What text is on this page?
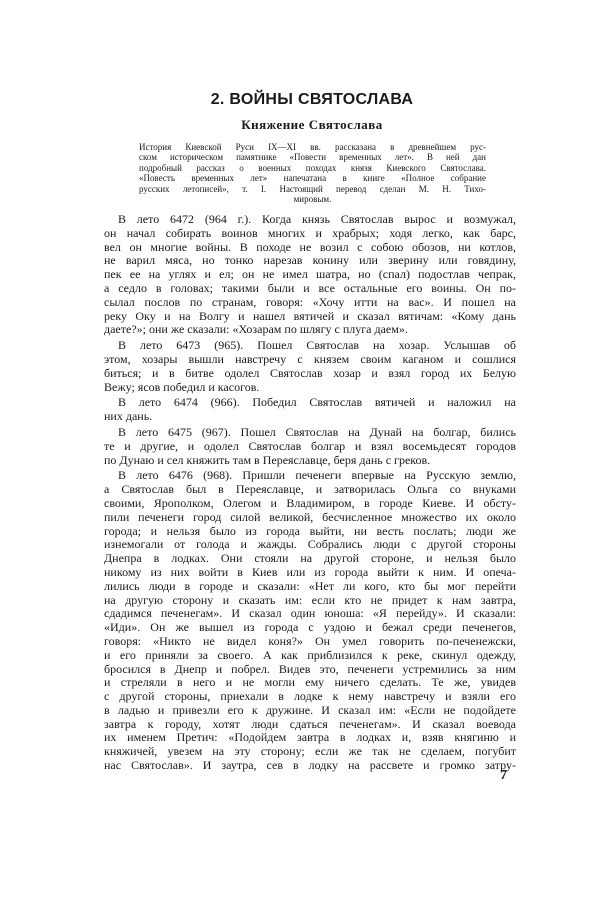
2. ВОЙНЫ СВЯТОСЛАВА
Княжение Святослава
История Киевской Руси IX—XI вв. рассказана в древнейшем рус-
ском историческом памятнике «Повести временных лет». В ней дан
подробный рассказ о военных походах князя Киевского Святослава.
«Повесть временных лет» напечатана в книге «Полное собрание
русских летописей», т. I. Настоящий перевод сделан М. Н. Тихо-
мировым.
В лето 6472 (964 г.). Когда князь Святослав вырос и возмужал,
он начал собирать воинов многих и храбрых; ходя легко, как барс,
вел он многие войны. В походе не возил с собою обозов, ни котлов,
не варил мяса, но тонко нарезав конину или зверину или говядину,
пек ее на углях и ел; он не имел шатра, но (спал) подостлав чепрак,
а седло в головах; такими были и все остальные его воины. Он по-
сылал послов по странам, говоря: «Хочу итти на вас». И пошел на
реку Оку и на Волгу и нашел вятичей и сказал вятичам: «Кому дань
даете?»; они же сказали: «Хозарам по шлягу с плуга даем».
В лето 6473 (965). Пошел Святослав на хозар. Услышав об
этом, хозары вышли навстречу с князем своим каганом и сошлися
биться; и в битве одолел Святослав хозар и взял город их Белую
Вежу; ясов победил и касогов.
В лето 6474 (966). Победил Святослав вятичей и наложил на
них дань.
В лето 6475 (967). Пошел Святослав на Дунай на болгар, бились
те и другие, и одолел Святослав болгар и взял восемьдесят городов
по Дунаю и сел княжить там в Переяславце, беря дань с греков.
В лето 6476 (968). Пришли печенеги впервые на Русскую землю,
а Святослав был в Переяславце, и затворилась Ольга со внуками
своими, Ярополком, Олегом и Владимиром, в городе Киеве. И обсту-
пили печенеги город силой великой, бесчисленное множество их около
города; и нельзя было из города выйти, ни весть послать; люди же
изнемогали от голода и жажды. Собрались люди с другой стороны
Днепра в лодках. Они стояли на другой стороне, и нельзя было
никому из них войти в Киев или из города выйти к ним. И опеча-
лились люди в городе и сказали: «Нет ли кого, кто бы мог перейти
на другую сторону и сказать им: если кто не придет к нам завтра,
сдадимся печенегам». И сказал один юноша: «Я перейду». И сказали:
«Иди». Он же вышел из города с уздою и бежал среди печенегов,
говоря: «Никто не видел коня?» Он умел говорить по-печенежски,
и его приняли за своего. А как приблизился к реке, скинул одежду,
бросился в Днепр и побрел. Видев это, печенеги устремились за ним
и стреляли в него и не могли ему ничего сделать. Те же, увидев
с другой стороны, приехали в лодке к нему навстречу и взяли его
в ладью и привезли его к дружине. И сказал им: «Если не подойдете
завтра к городу, хотят люди сдаться печенегам». И сказал воевода
их именем Претич: «Подойдем завтра в лодках и, взяв княгиню и
княжичей, увезем на эту сторону; если же так не сделаем, погубит
нас Святослав». И заутра, сев в лодку на рассвете и громко затру-
7
